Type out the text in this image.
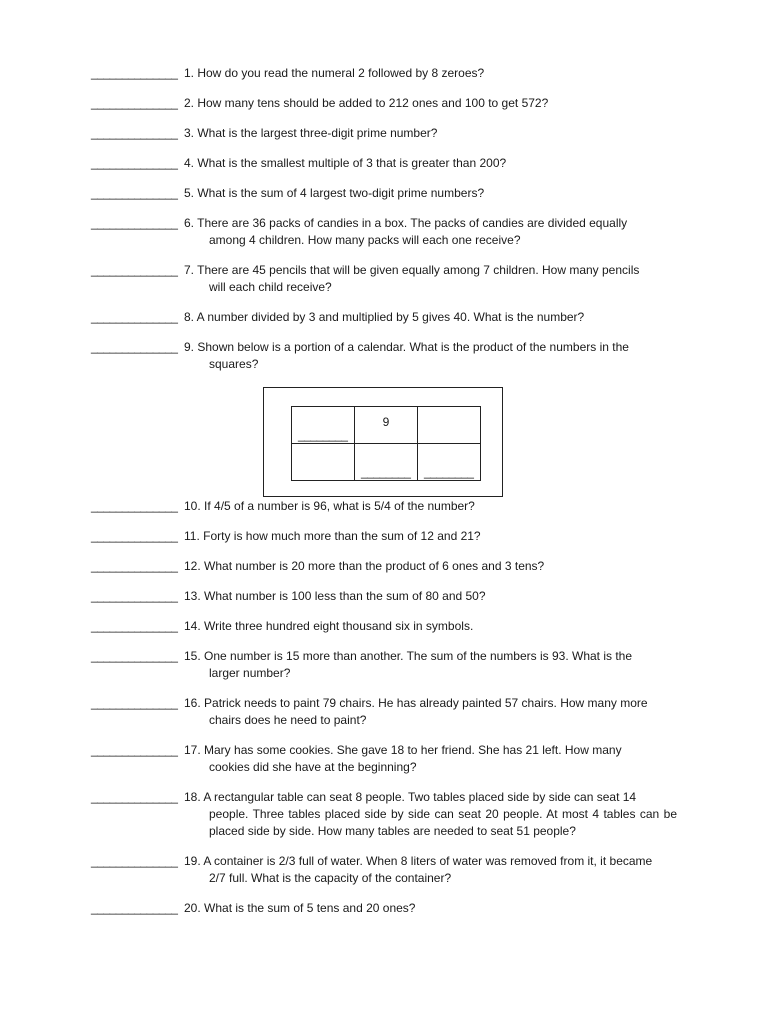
______________ 1. How do you read the numeral 2 followed by 8 zeroes?
______________ 2. How many tens should be added to 212 ones and 100 to get 572?
______________ 3. What is the largest three-digit prime number?
______________ 4. What is the smallest multiple of 3 that is greater than 200?
______________ 5. What is the sum of 4 largest two-digit prime numbers?
______________ 6. There are 36 packs of candies in a box. The packs of candies are divided equally
among 4 children. How many packs will each one receive?
______________ 7. There are 45 pencils that will be given equally among 7 children. How many pencils
will each child receive?
______________ 8. A number divided by 3 and multiplied by 5 gives 40. What is the number?
______________ 9. Shown below is a portion of a calendar. What is the product of the numbers in the
squares?
________	9	

	________	________
______________ 10. If 4/5 of a number is 96, what is 5/4 of the number?
______________ 11. Forty is how much more than the sum of 12 and 21?
______________ 12. What number is 20 more than the product of 6 ones and 3 tens?
______________ 13. What number is 100 less than the sum of 80 and 50?
______________ 14. Write three hundred eight thousand six in symbols.
______________ 15. One number is 15 more than another. The sum of the numbers is 93. What is the
larger number?
______________ 16. Patrick needs to paint 79 chairs. He has already painted 57 chairs. How many more
chairs does he need to paint?
______________ 17. Mary has some cookies. She gave 18 to her friend. She has 21 left. How many
cookies did she have at the beginning?
______________ 18. A rectangular table can seat 8 people. Two tables placed side by side can seat 14
people. Three tables placed side by side can seat 20 people. At most 4 tables can be placed side by side. How many tables are needed to seat 51 people?
______________ 19. A container is 2/3 full of water. When 8 liters of water was removed from it, it became
2/7 full. What is the capacity of the container?
______________ 20. What is the sum of 5 tens and 20 ones?
